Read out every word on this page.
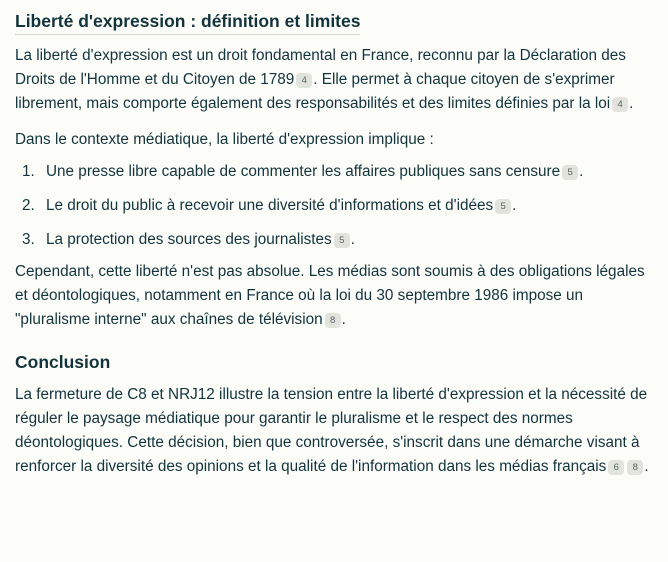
Liberté d'expression : définition et limites

La liberté d'expression est un droit fondamental en France, reconnu par la Déclaration des Droits de l'Homme et du Citoyen de 1789 4 . Elle permet à chaque citoyen de s'exprimer librement, mais comporte également des responsabilités et des limites définies par la loi 4 .

Dans le contexte médiatique, la liberté d'expression implique :

1. Une presse libre capable de commenter les affaires publiques sans censure 5 .
2. Le droit du public à recevoir une diversité d'informations et d'idées 5 .
3. La protection des sources des journalistes 5 .

Cependant, cette liberté n'est pas absolue. Les médias sont soumis à des obligations légales et déontologiques, notamment en France où la loi du 30 septembre 1986 impose un "pluralisme interne" aux chaînes de télévision 8 .

Conclusion

La fermeture de C8 et NRJ12 illustre la tension entre la liberté d'expression et la nécessité de réguler le paysage médiatique pour garantir le pluralisme et le respect des normes déontologiques. Cette décision, bien que controversée, s'inscrit dans une démarche visant à renforcer la diversité des opinions et la qualité de l'information dans les médias français 6 8 .
